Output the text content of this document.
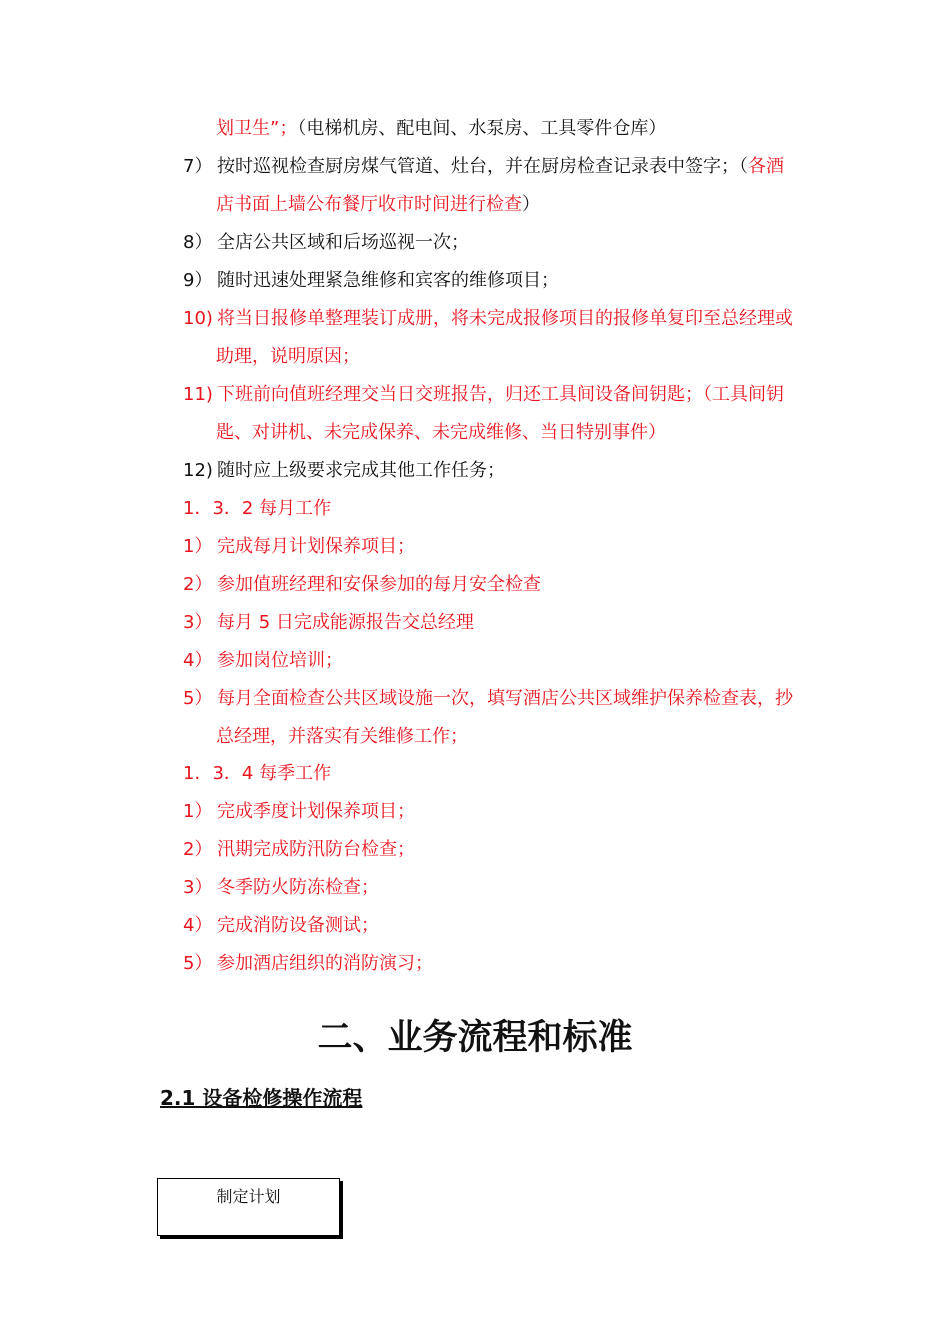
划卫生”；（电梯机房、配电间、水泵房、工具零件仓库）
7） 按时巡视检查厨房煤气管道、灶台，并在厨房检查记录表中签字；（各酒
店书面上墙公布餐厅收市时间进行检查）
8） 全店公共区域和后场巡视一次；
9） 随时迅速处理紧急维修和宾客的维修项目；
10) 将当日报修单整理装订成册，将未完成报修项目的报修单复印至总经理或
助理，说明原因；
11) 下班前向值班经理交当日交班报告，归还工具间设备间钥匙；（工具间钥
匙、对讲机、未完成保养、未完成维修、当日特别事件）
12) 随时应上级要求完成其他工作任务；
1．3．2 每月工作
1） 完成每月计划保养项目；
2） 参加值班经理和安保参加的每月安全检查
3） 每月 5 日完成能源报告交总经理
4） 参加岗位培训；
5） 每月全面检查公共区域设施一次，填写酒店公共区域维护保养检查表，抄
总经理，并落实有关维修工作；
1．3．4 每季工作
1） 完成季度计划保养项目；
2） 汛期完成防汛防台检查；
3） 冬季防火防冻检查；
4） 完成消防设备测试；
5） 参加酒店组织的消防演习；
二、业务流程和标准
2.1 设备检修操作流程
制定计划
